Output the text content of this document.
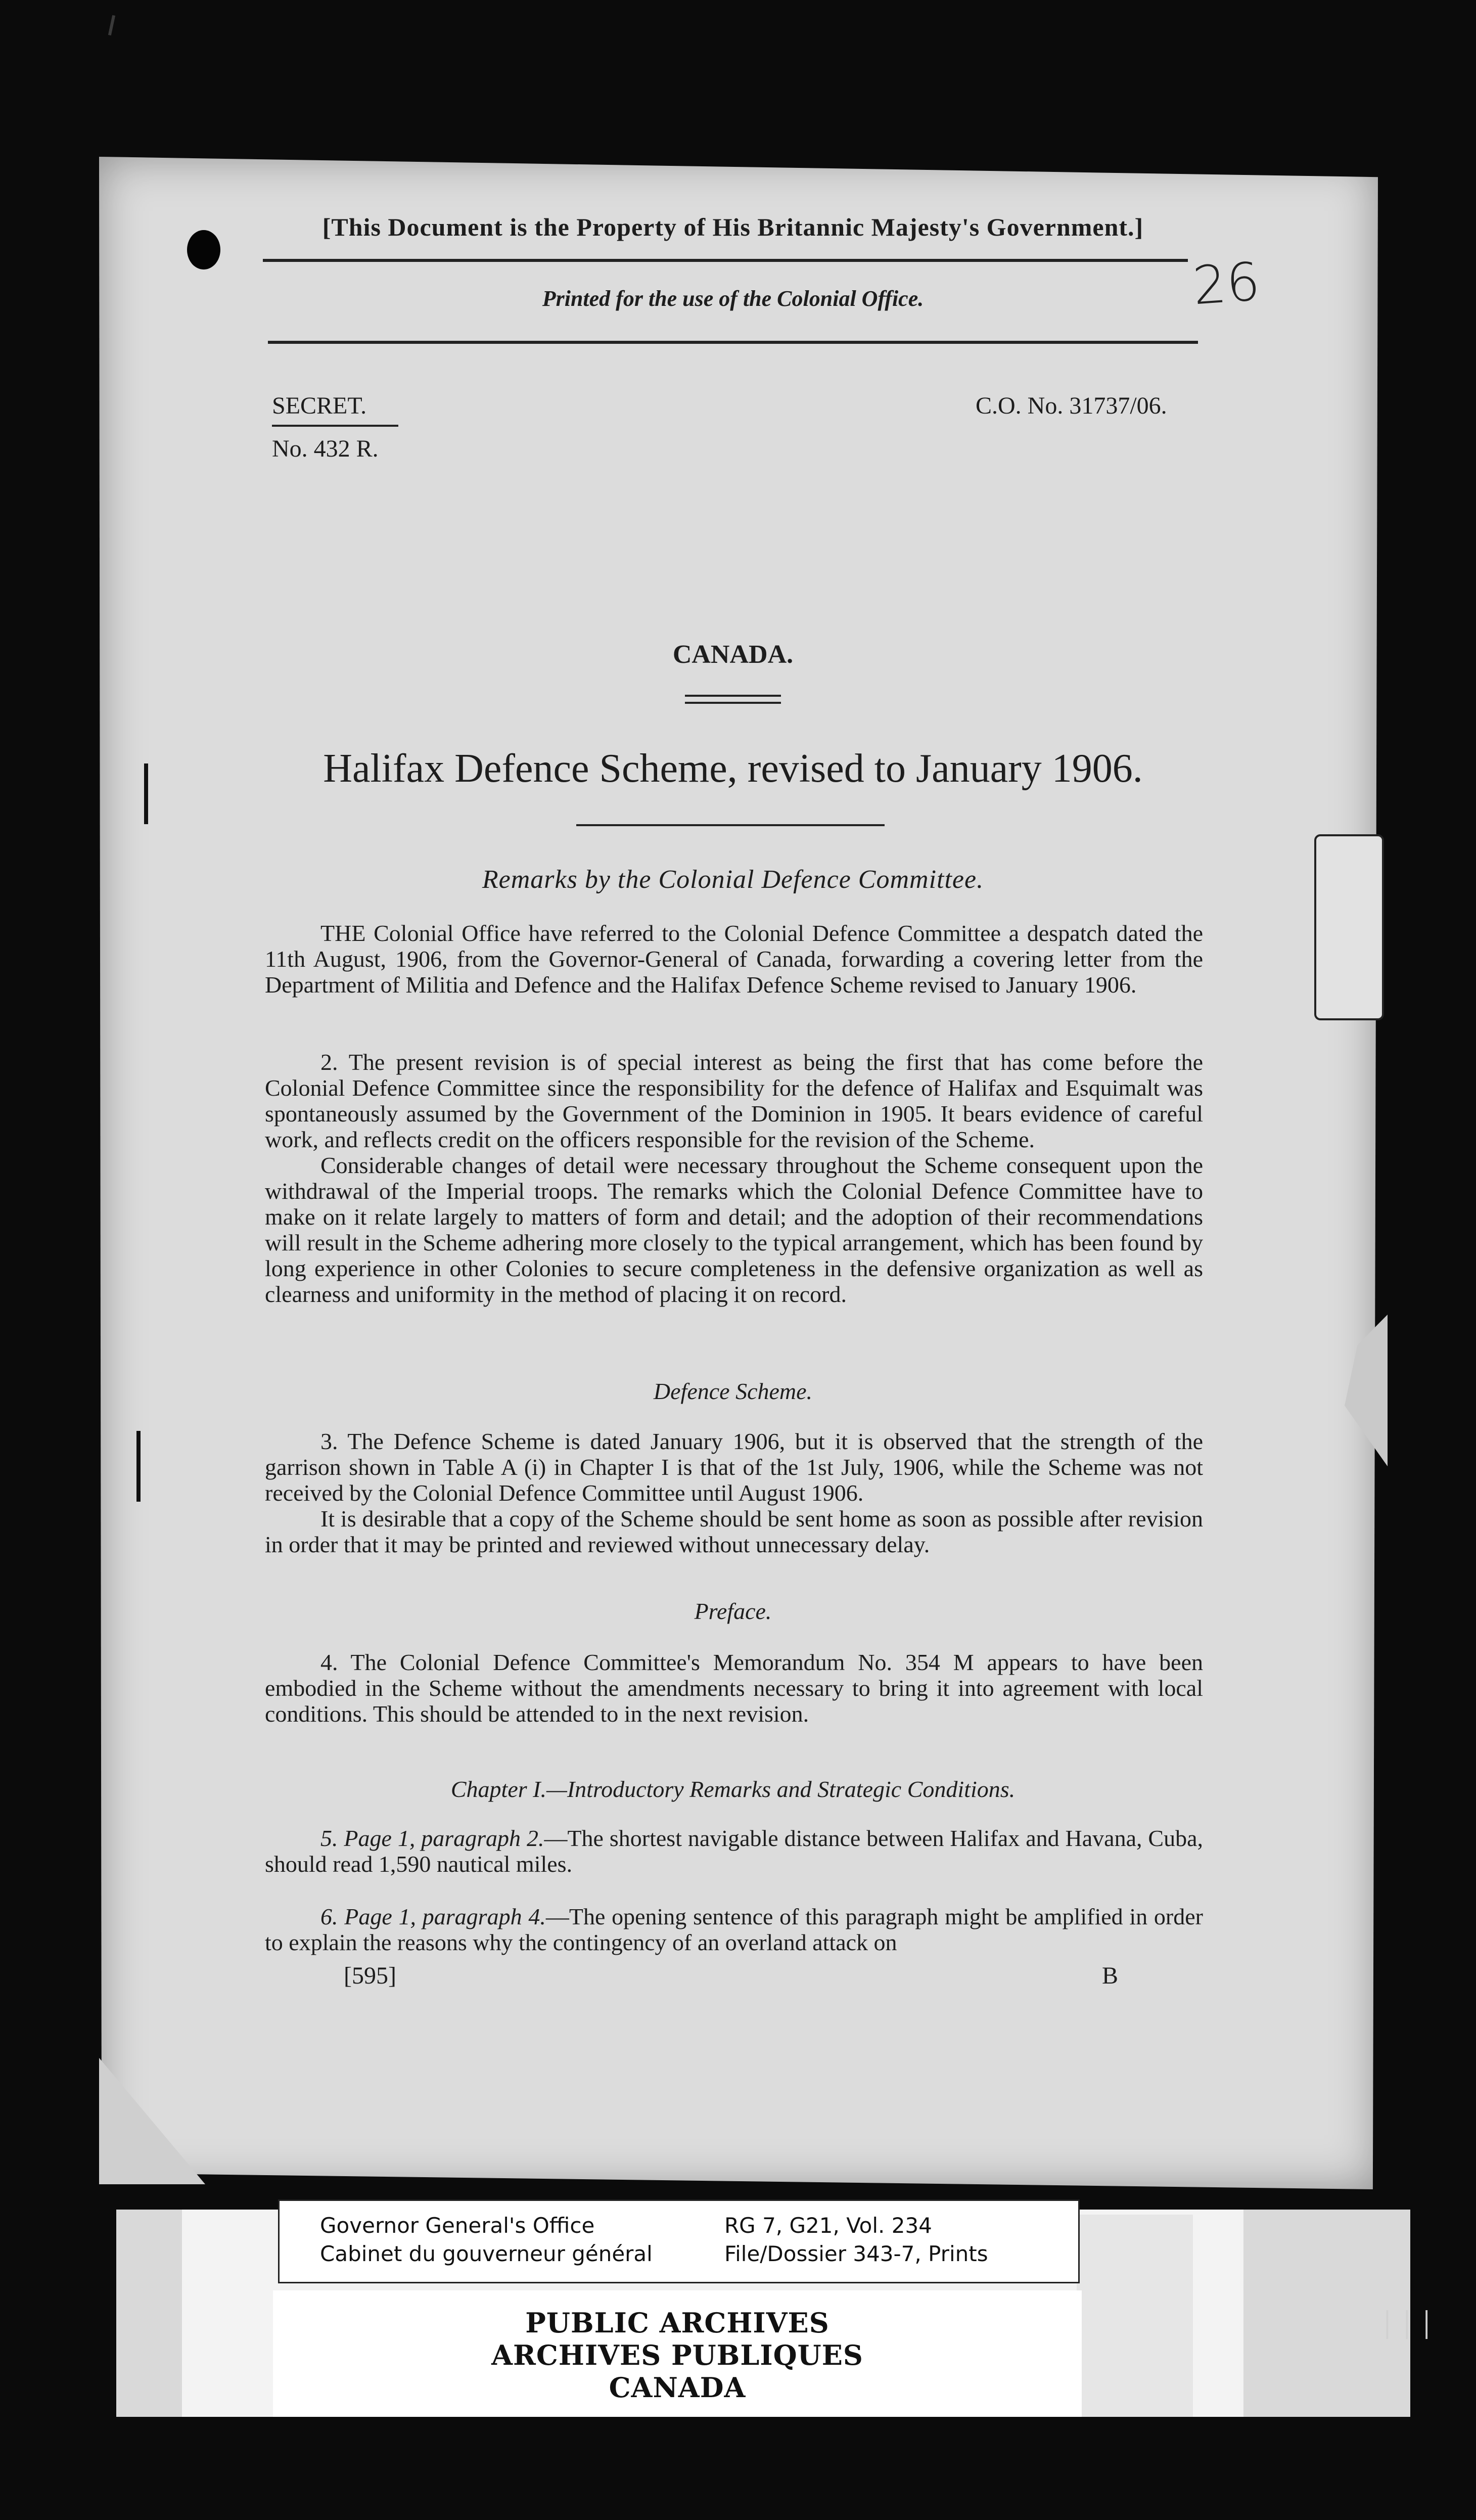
[This Document is the Property of His Britannic Majesty's Government.]
Printed for the use of the Colonial Office.	26
SECRET.
No. 432 R.
C.O. No. 31737/06.
CANADA.
Halifax Defence Scheme, revised to January 1906.
Remarks by the Colonial Defence Committee.

THE Colonial Office have referred to the Colonial Defence Committee a despatch dated the 11th August, 1906, from the Governor-General of Canada, forwarding a covering letter from the Department of Militia and Defence and the Halifax Defence Scheme revised to January 1906.

2. The present revision is of special interest as being the first that has come before the Colonial Defence Committee since the responsibility for the defence of Halifax and Esquimalt was spontaneously assumed by the Government of the Dominion in 1905. It bears evidence of careful work, and reflects credit on the officers responsible for the revision of the Scheme.

Considerable changes of detail were necessary throughout the Scheme consequent upon the withdrawal of the Imperial troops. The remarks which the Colonial Defence Committee have to make on it relate largely to matters of form and detail; and the adoption of their recommendations will result in the Scheme adhering more closely to the typical arrangement, which has been found by long experience in other Colonies to secure completeness in the defensive organization as well as clearness and uniformity in the method of placing it on record.

Defence Scheme.

3. The Defence Scheme is dated January 1906, but it is observed that the strength of the garrison shown in Table A (i) in Chapter I is that of the 1st July, 1906, while the Scheme was not received by the Colonial Defence Committee until August 1906.

It is desirable that a copy of the Scheme should be sent home as soon as possible after revision in order that it may be printed and reviewed without unnecessary delay.

Preface.

4. The Colonial Defence Committee's Memorandum No. 354 M appears to have been embodied in the Scheme without the amendments necessary to bring it into agreement with local conditions. This should be attended to in the next revision.

Chapter I.—Introductory Remarks and Strategic Conditions.

5. Page 1, paragraph 2.—The shortest navigable distance between Halifax and Havana, Cuba, should read 1,590 nautical miles.

6. Page 1, paragraph 4.—The opening sentence of this paragraph might be amplified in order to explain the reasons why the contingency of an overland attack on

[595]	B
Governor General's Office
Cabinet du gouverneur général
RG 7, G21, Vol. 234
File/Dossier 343-7, Prints
PUBLIC ARCHIVES
ARCHIVES PUBLIQUES
CANADA
│││
